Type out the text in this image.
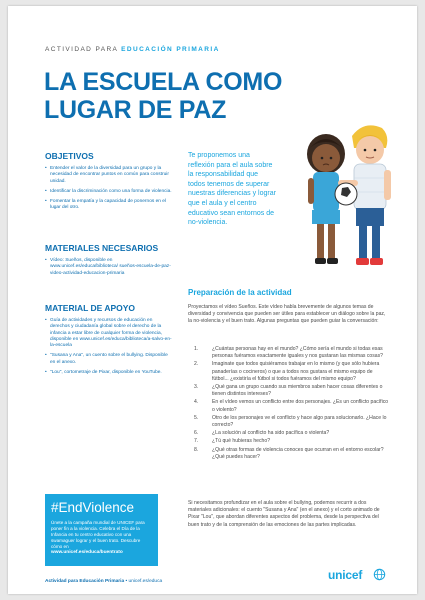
ACTIVIDAD PARA EDUCACIÓN PRIMARIA
LA ESCUELA COMO LUGAR DE PAZ
OBJETIVOS
• Entender el valor de la diversidad para un grupo y la necesidad de encontrar puntos en común para construir unidad.
• Identificar la discriminación como una forma de violencia.
• Fomentar la empatía y la capacidad de ponernos en el lugar del otro.
MATERIALES NECESARIOS
• Vídeo: Sueños, disponible en www.unicef.es/educa/biblioteca/ sueños-escuela-de-paz-video-actividad-educacion-primaria
MATERIAL DE APOYO
• Guía de actividades y recursos de educación en derechos y ciudadanía global sobre el derecho de la infancia a estar libre de cualquier forma de violencia, disponible en www.unicef.es/educa/biblioteca/a-salvo-en-la-escuela
• "Susana y Ana", un cuento sobre el bullying. Disponible en el anexo.
• "Lou", cortometraje de Pixar, disponible en YouTube.
Te proponemos una reflexión para el aula sobre la responsabilidad que todos tenemos de superar nuestras diferencias y lograr que el aula y el centro educativo sean entornos de no-violencia.
Preparación de la actividad
Proyectamos el vídeo Sueños. Este vídeo habla brevemente de algunos temas de diversidad y convivencia que pueden ser útiles para establecer un diálogo sobre la paz, la no-violencia y el buen trato. Algunas preguntas que pueden guiar la conversación:
1.	¿Cuántas personas hay en el mundo? ¿Cómo sería el mundo si todas esas personas fuéramos exactamente iguales y nos gustaran las mismas cosas?
2.	Imaginate que todos quisiéramos trabajar en lo mismo (y que sólo hubiera panaderías o cocineros) o que a todos nos gustara el mismo equipo de fútbol... ¿existiría el fútbol si todos fuéramos del mismo equipo?
3.	¿Qué gana un grupo cuando sus miembros saben hacer cosas diferentes o tienen distintos intereses?
4.	En el vídeo vemos un conflicto entre dos personajes. ¿Es un conflicto pacífico o violento?
5.	Otro de los personajes ve el conflicto y hace algo para solucionarlo. ¿Hace lo correcto?
6.	¿La solución al conflicto ha sido pacífica o violenta?
7.	¿Tú qué hubieras hecho?
8.	¿Qué otras formas de violencia conoces que ocurran en el entorno escolar? ¿Qué puedes hacer?
Si necesitamos profundizar en el aula sobre el bullying, podemos recurrir a dos materiales adicionales: el cuento "Susana y Ana" (en el anexo) y el corto animado de Pixar "Lou", que abordan diferentes aspectos del problema, desde la perspectiva del buen trato y de la comprensión de las emociones de las partes implicadas.
#EndViolence
Únete a la campaña mundial de UNICEF para poner fin a la violencia. Celebra el Día de la Infancia en tu centro educativo con una swamaguer lograr y el buen trato. Descubre cómo en
www.unicef.es/educa/buentrato
Actividad para Educación Primaria • unicef.es/educa	unicef
